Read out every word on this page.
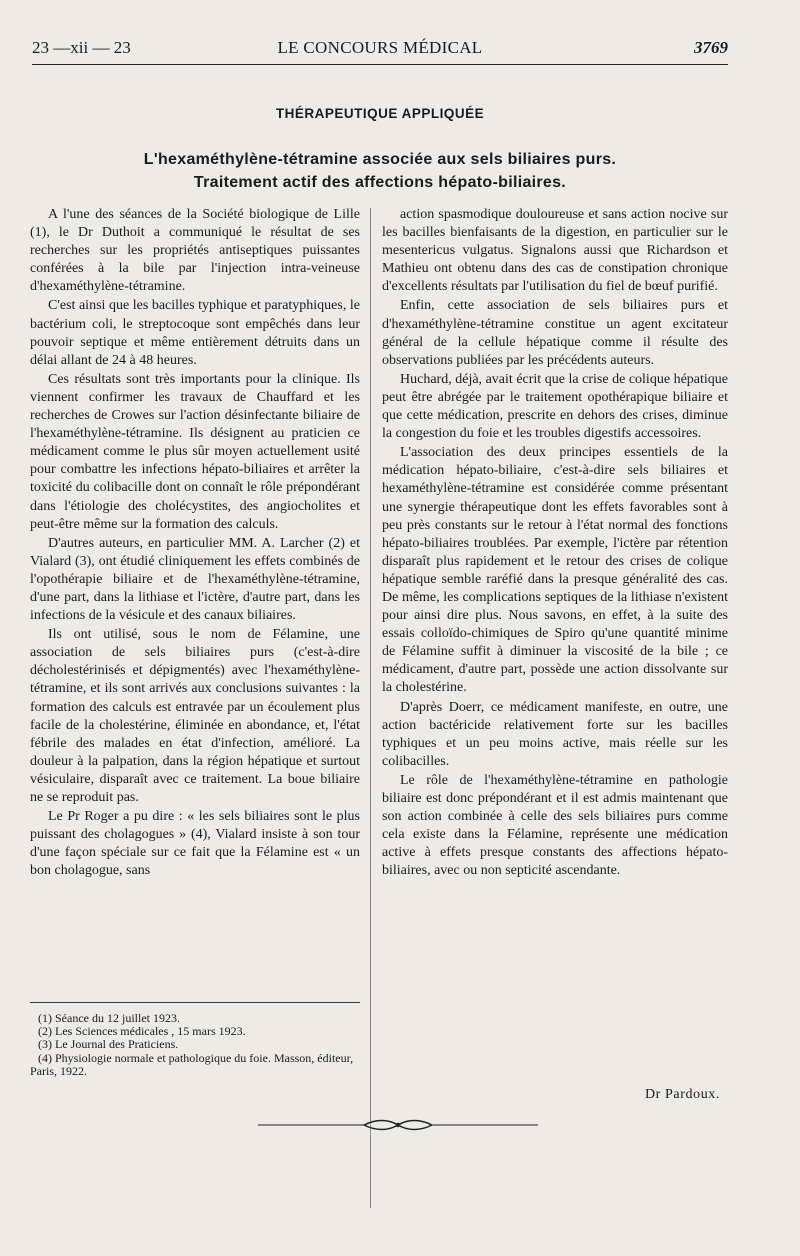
23 —xii — 23	LE CONCOURS MÉDICAL	3769
THÉRAPEUTIQUE APPLIQUÉE
L'hexaméthylène-tétramine associée aux sels biliaires purs.
Traitement actif des affections hépato-biliaires.

A l'une des séances de la Société biologique de Lille (1), le Dr Duthoit a communiqué le résultat de ses recherches sur les propriétés antiseptiques puissantes conférées à la bile par l'injection intra-veineuse d'hexaméthylène-tétramine.

C'est ainsi que les bacilles typhique et paratyphiques, le bactérium coli, le streptocoque sont empêchés dans leur pouvoir septique et même entièrement détruits dans un délai allant de 24 à 48 heures.

Ces résultats sont très importants pour la clinique. Ils viennent confirmer les travaux de Chauffard et les recherches de Crowes sur l'action désinfectante biliaire de l'hexaméthylène-tétramine. Ils désignent au praticien ce médicament comme le plus sûr moyen actuellement usité pour combattre les infections hépato-biliaires et arrêter la toxicité du colibacille dont on connaît le rôle prépondérant dans l'étiologie des cholécystites, des angiocholites et peut-être même sur la formation des calculs.

D'autres auteurs, en particulier MM. A. Larcher (2) et Vialard (3), ont étudié cliniquement les effets combinés de l'opothérapie biliaire et de l'hexaméthylène-tétramine, d'une part, dans la lithiase et l'ictère, d'autre part, dans les infections de la vésicule et des canaux biliaires.

Ils ont utilisé, sous le nom de Félamine, une association de sels biliaires purs (c'est-à-dire décholestérinisés et dépigmentés) avec l'hexaméthylène-tétramine, et ils sont arrivés aux conclusions suivantes : la formation des calculs est entravée par un écoulement plus facile de la cholestérine, éliminée en abondance, et, l'état fébrile des malades en état d'infection, amélioré. La douleur à la palpation, dans la région hépatique et surtout vésiculaire, disparaît avec ce traitement. La boue biliaire ne se reproduit pas.

Le Pr Roger a pu dire : « les sels biliaires sont le plus puissant des cholagogues » (4), Vialard insiste à son tour d'une façon spéciale sur ce fait que la Félamine est « un bon cholagogue, sans

action spasmodique douloureuse et sans action nocive sur les bacilles bienfaisants de la digestion, en particulier sur le mesentericus vulgatus. Signalons aussi que Richardson et Mathieu ont obtenu dans des cas de constipation chronique d'excellents résultats par l'utilisation du fiel de bœuf purifié.

Enfin, cette association de sels biliaires purs et d'hexaméthylène-tétramine constitue un agent excitateur général de la cellule hépatique comme il résulte des observations publiées par les précédents auteurs.

Huchard, déjà, avait écrit que la crise de colique hépatique peut être abrégée par le traitement opothérapique biliaire et que cette médication, prescrite en dehors des crises, diminue la congestion du foie et les troubles digestifs accessoires.

L'association des deux principes essentiels de la médication hépato-biliaire, c'est-à-dire sels biliaires et hexaméthylène-tétramine est considérée comme présentant une synergie thérapeutique dont les effets favorables sont à peu près constants sur le retour à l'état normal des fonctions hépato-biliaires troublées. Par exemple, l'ictère par rétention disparaît plus rapidement et le retour des crises de colique hépatique semble raréfié dans la presque généralité des cas. De même, les complications septiques de la lithiase n'existent pour ainsi dire plus. Nous savons, en effet, à la suite des essais colloïdo-chimiques de Spiro qu'une quantité minime de Félamine suffit à diminuer la viscosité de la bile ; ce médicament, d'autre part, possède une action dissolvante sur la cholestérine.

D'après Doerr, ce médicament manifeste, en outre, une action bactéricide relativement forte sur les bacilles typhiques et un peu moins active, mais réelle sur les colibacilles.

Le rôle de l'hexaméthylène-tétramine en pathologie biliaire est donc prépondérant et il est admis maintenant que son action combinée à celle des sels biliaires purs comme cela existe dans la Félamine, représente une médication active à effets presque constants des affections hépato-biliaires, avec ou non septicité ascendante.

(1) Séance du 12 juillet 1923.

(2) Les Sciences médicales , 15 mars 1923.

(3) Le Journal des Praticiens.

(4) Physiologie normale et pathologique du foie. Masson, éditeur, Paris, 1922.

Dr Pardoux.
